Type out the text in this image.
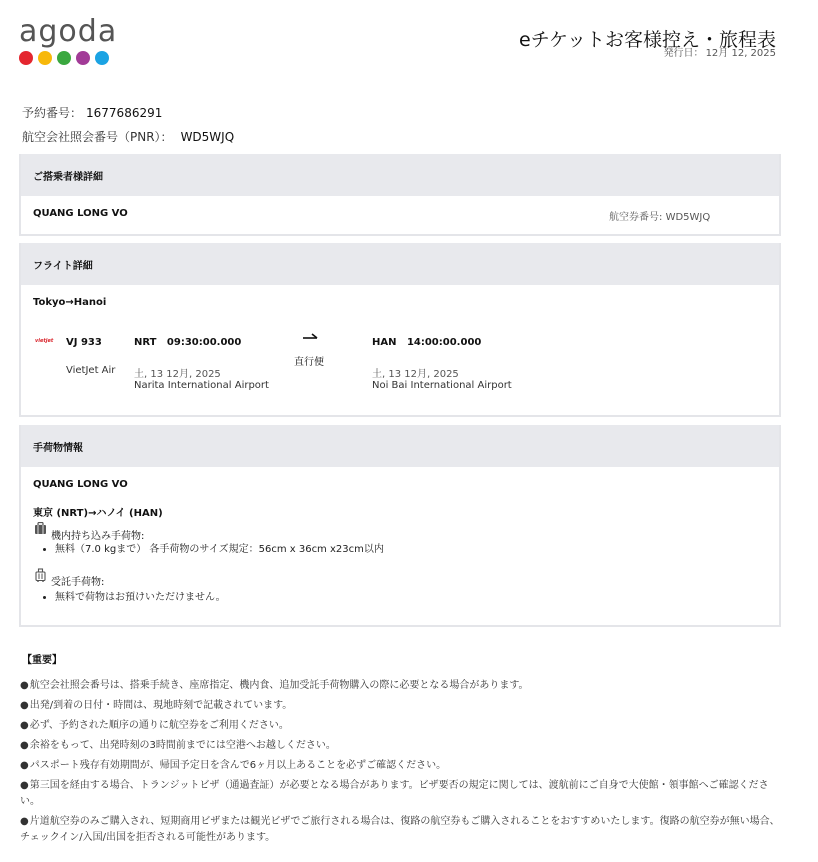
agoda	eチケットお客様控え・旅程表
発行日： 12月 12, 2025
予約番号： 1677686291
航空会社照会番号（PNR）： WD5WJQ
ご搭乗者様詳細
QUANG LONG VO	航空券番号: WD5WJQ
フライト詳細
Tokyo→Hanoi
vietjet VJ 933
VietJet Air
NRT 09:30:00.000
土, 13 12月, 2025
Narita International Airport
直行便
HAN 14:00:00.000
土, 13 12月, 2025
Noi Bai International Airport
手荷物情報
QUANG LONG VO
東京 (NRT)→ハノイ (HAN)
機内持ち込み手荷物:
• 無料（7.0 kgまで） 各手荷物のサイズ規定：56cm x 36cm x23cm以内
受託手荷物:
• 無料で荷物はお預けいただけません。
【重要】
●航空会社照会番号は、搭乗手続き、座席指定、機内食、追加受託手荷物購入の際に必要となる場合があります。
●出発/到着の日付・時間は、現地時刻で記載されています。
●必ず、予約された順序の通りに航空券をご利用ください。
●余裕をもって、出発時刻の3時間前までには空港へお越しください。
●パスポート残存有効期間が、帰国予定日を含んで6ヶ月以上あることを必ずご確認ください。
●第三国を経由する場合、トランジットビザ（通過査証）が必要となる場合があります。ビザ要否の規定に関しては、渡航前にご自身で大使館・領事館へご確認ください。
●片道航空券のみご購入され、短期商用ビザまたは観光ビザでご旅行される場合は、復路の航空券もご購入されることをおすすめいたします。復路の航空券が無い場合、チェックイン/入国/出国を拒否される可能性があります。
